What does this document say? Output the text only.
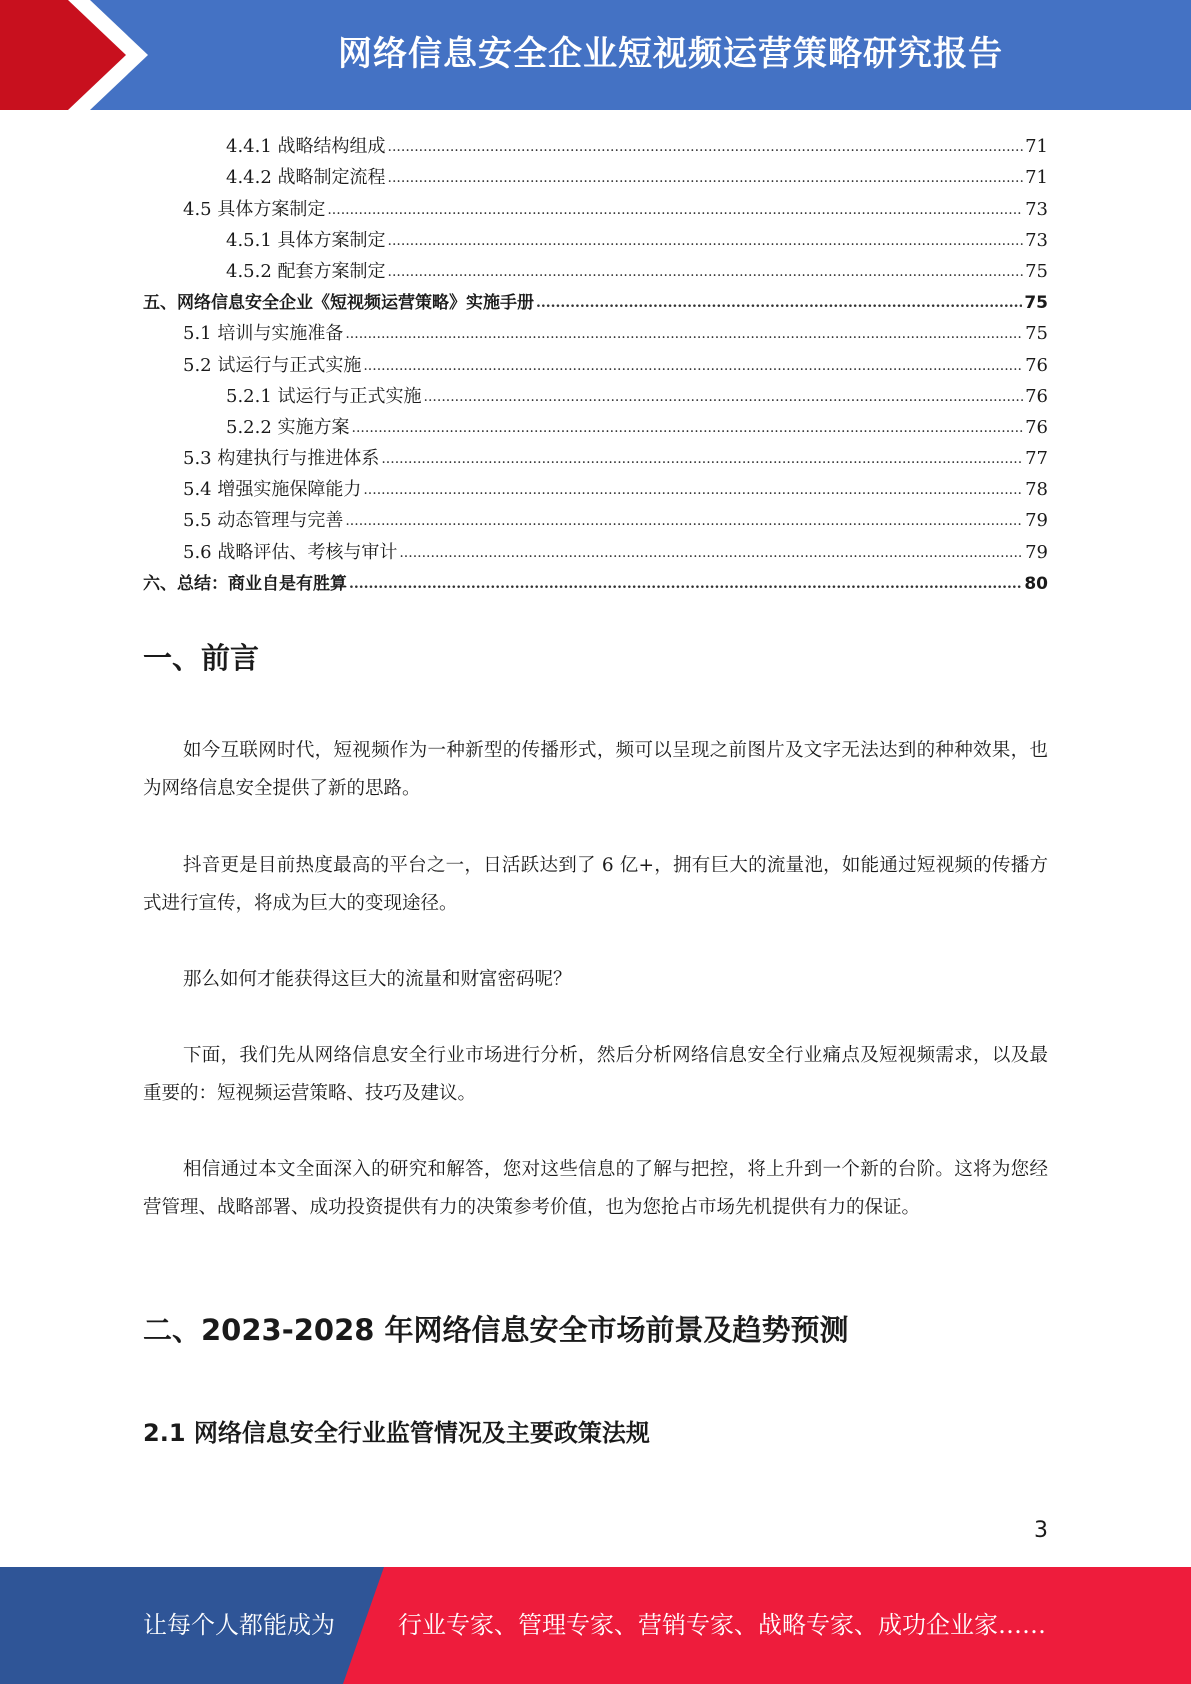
网络信息安全企业短视频运营策略研究报告
4.4.1 战略结构组成 .....	71
4.4.2 战略制定流程 .....	71
4.5 具体方案制定 .....	73
4.5.1 具体方案制定 .....	73
4.5.2 配套方案制定 .....	75
五、网络信息安全企业《短视频运营策略》实施手册 .....	75
5.1 培训与实施准备 .....	75
5.2 试运行与正式实施 .....	76
5.2.1 试运行与正式实施 .....	76
5.2.2 实施方案 .....	76
5.3 构建执行与推进体系 .....	77
5.4 增强实施保障能力 .....	78
5.5 动态管理与完善 .....	79
5.6 战略评估、考核与审计 .....	79
六、总结：商业自是有胜算 .....	80
一、前言

如今互联网时代，短视频作为一种新型的传播形式，频可以呈现之前图片及文字无法达到的种种效果，也为网络信息安全提供了新的思路。

抖音更是目前热度最高的平台之一，日活跃达到了 6 亿+，拥有巨大的流量池，如能通过短视频的传播方式进行宣传，将成为巨大的变现途径。

那么如何才能获得这巨大的流量和财富密码呢？

下面，我们先从网络信息安全行业市场进行分析，然后分析网络信息安全行业痛点及短视频需求，以及最重要的：短视频运营策略、技巧及建议。

相信通过本文全面深入的研究和解答，您对这些信息的了解与把控，将上升到一个新的台阶。这将为您经营管理、战略部署、成功投资提供有力的决策参考价值，也为您抢占市场先机提供有力的保证。

二、2023-2028 年网络信息安全市场前景及趋势预测
2.1 网络信息安全行业监管情况及主要政策法规
3
让每个人都能成为	行业专家、管理专家、营销专家、战略专家、成功企业家……
